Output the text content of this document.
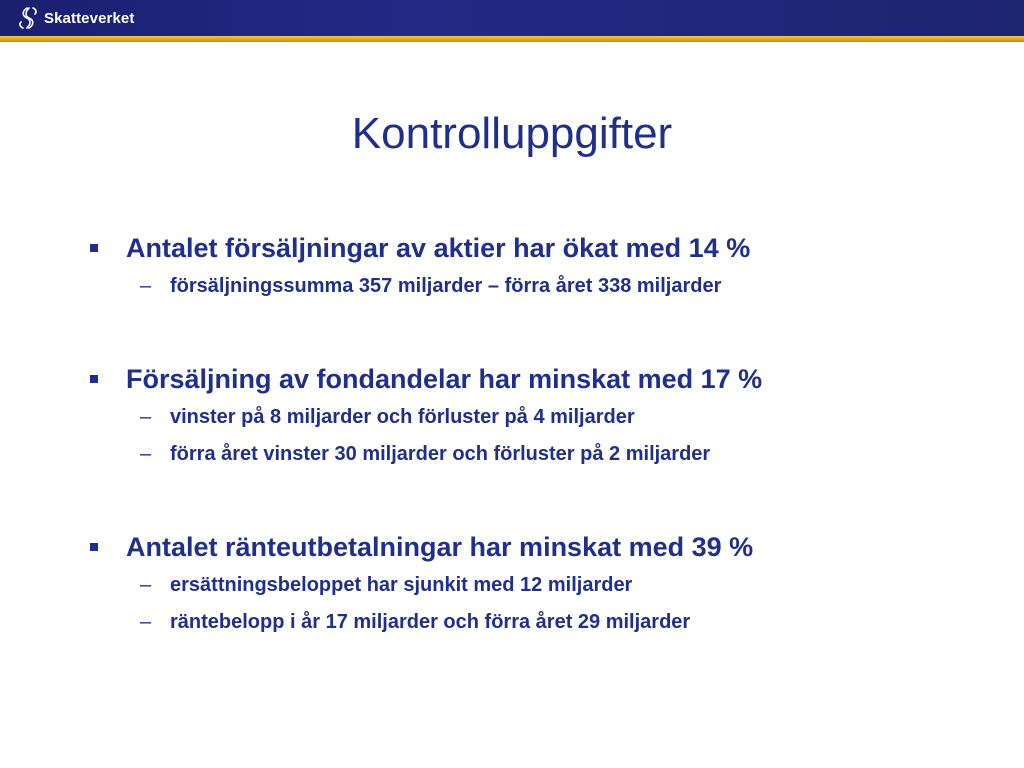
Skatteverket
Kontrolluppgifter
Antalet försäljningar av aktier har ökat med 14 %
– försäljningssumma 357 miljarder – förra året 338 miljarder
Försäljning av fondandelar har minskat med 17 %
– vinster på 8 miljarder och förluster på 4 miljarder
– förra året vinster 30 miljarder och förluster på 2 miljarder
Antalet ränteutbetalningar har minskat med 39 %
– ersättningsbeloppet har sjunkit med 12 miljarder
– räntebelopp i år 17 miljarder och förra året 29 miljarder
